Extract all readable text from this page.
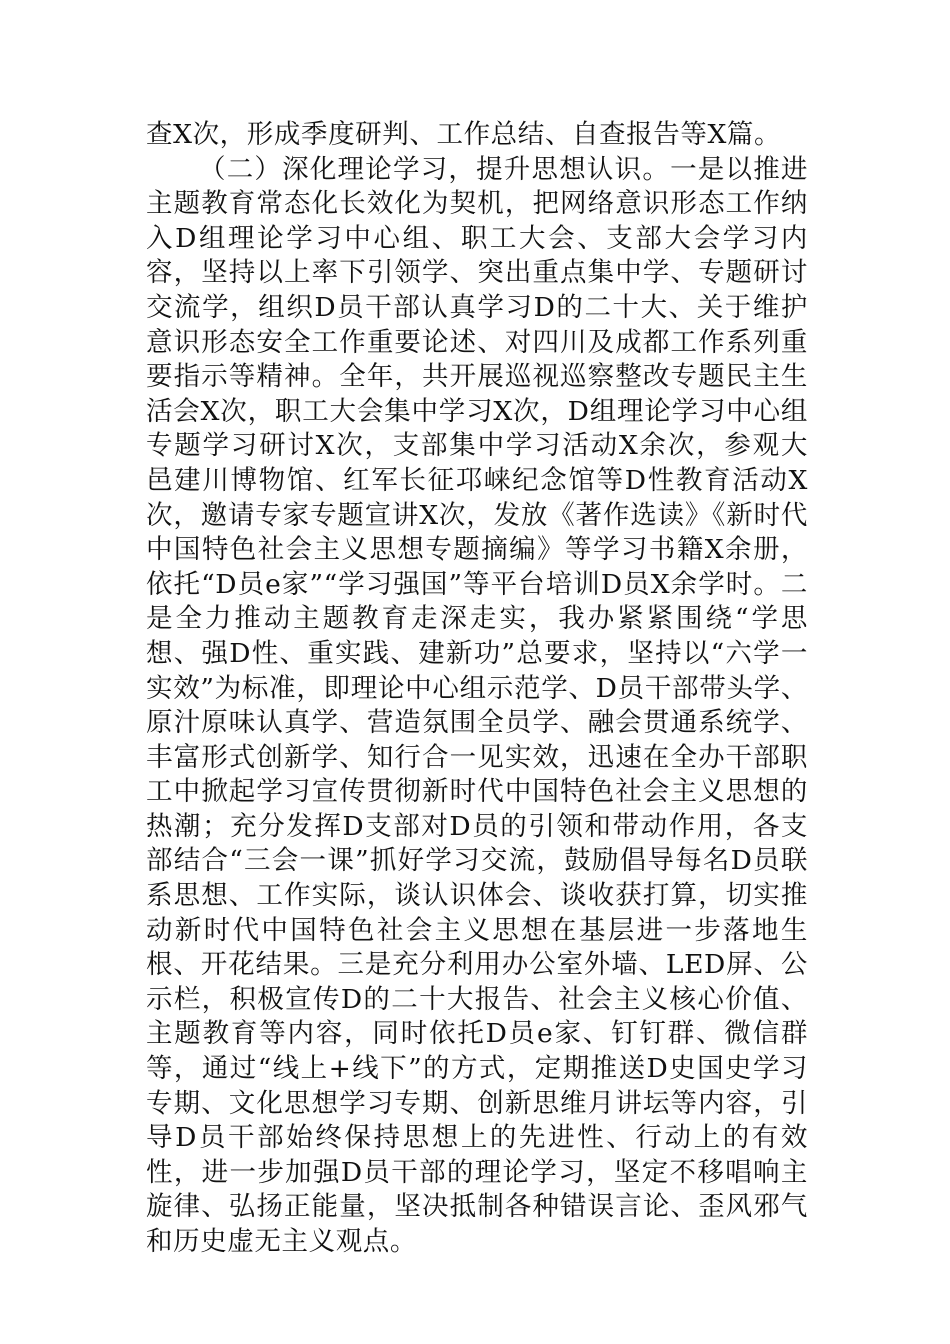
查X次，形成季度研判、工作总结、自查报告等X篇。

（二）深化理论学习，提升思想认识。一是以推进主题教育常态化长效化为契机，把网络意识形态工作纳入D组理论学习中心组、职工大会、支部大会学习内容，坚持以上率下引领学、突出重点集中学、专题研讨交流学，组织D员干部认真学习D的二十大、关于维护意识形态安全工作重要论述、对四川及成都工作系列重要指示等精神。全年，共开展巡视巡察整改专题民主生活会X次，职工大会集中学习X次，D组理论学习中心组专题学习研讨X次，支部集中学习活动X余次，参观大邑建川博物馆、红军长征邛崃纪念馆等D性教育活动X次，邀请专家专题宣讲X次，发放《著作选读》《新时代中国特色社会主义思想专题摘编》等学习书籍X余册，依托“D员e家”“学习强国”等平台培训D员X余学时。二是全力推动主题教育走深走实，我办紧紧围绕“学思想、强D性、重实践、建新功”总要求，坚持以“六学一实效”为标准，即理论中心组示范学、D员干部带头学、原汁原味认真学、营造氛围全员学、融会贯通系统学、丰富形式创新学、知行合一见实效，迅速在全办干部职工中掀起学习宣传贯彻新时代中国特色社会主义思想的热潮；充分发挥D支部对D员的引领和带动作用，各支部结合“三会一课”抓好学习交流，鼓励倡导每名D员联系思想、工作实际，谈认识体会、谈收获打算，切实推动新时代中国特色社会主义思想在基层进一步落地生根、开花结果。三是充分利用办公室外墙、LED屏、公示栏，积极宣传D的二十大报告、社会主义核心价值、主题教育等内容，同时依托D员e家、钉钉群、微信群等，通过“线上+线下”的方式，定期推送D史国史学习专期、文化思想学习专期、创新思维月讲坛等内容，引导D员干部始终保持思想上的先进性、行动上的有效性，进一步加强D员干部的理论学习，坚定不移唱响主旋律、弘扬正能量，坚决抵制各种错误言论、歪风邪气和历史虚无主义观点。
